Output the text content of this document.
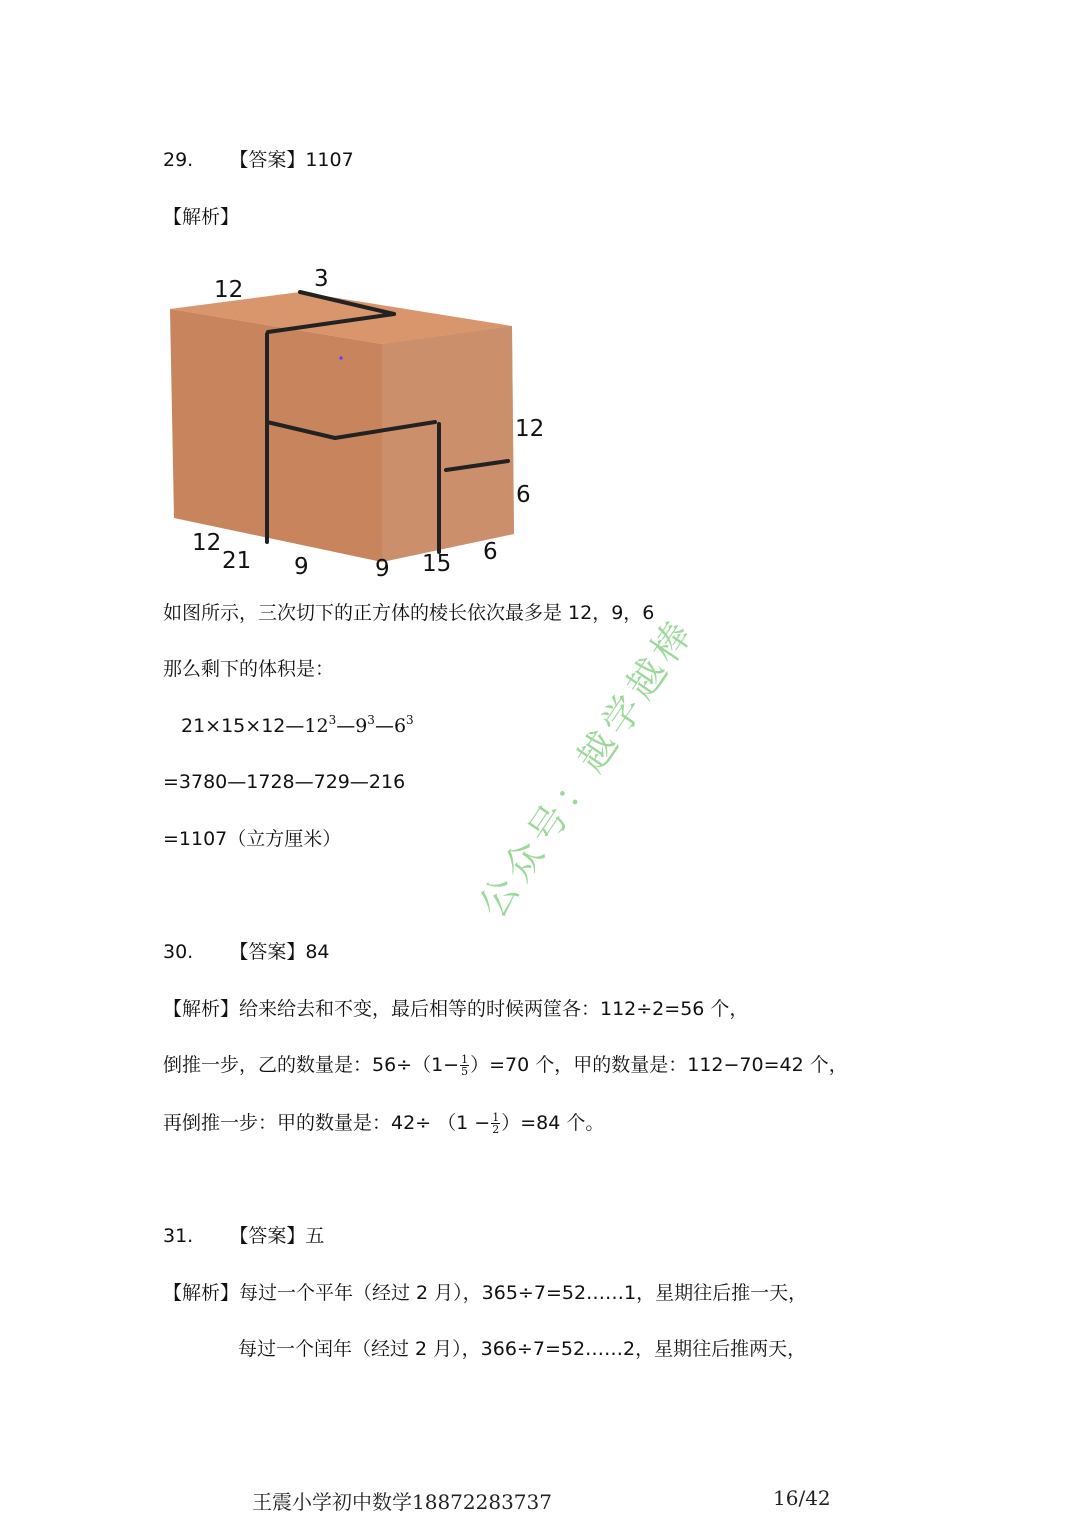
29. 【答案】1107
【解析】
12	3
12
6
12
21 9	9 15 6
如图所示，三次切下的正方体的棱长依次最多是 12，9，6
那么剩下的体积是：
$21\times 15\times 12—12^3—9^3—6^3$
=3780—1728—729—216
=1107（立方厘米）	公众号：越学越棒
30. 【答案】84
【解析】给来给去和不变，最后相等的时候两筐各：112÷2=56 个，
倒推一步，乙的数量是：$56\div(1- \frac{1}{5} )=70$ 个，甲的数量是：112−70=42 个，
再倒推一步：甲的数量是：$42\div (1 - \frac{1}{2} )=84$ 个。
31. 【答案】五
【解析】每过一个平年（经过 2 月），365÷7=52……1，星期往后推一天，
每过一个闰年（经过 2 月），366÷7=52……2，星期往后推两天，
王震小学初中数学18872283737	16/42
